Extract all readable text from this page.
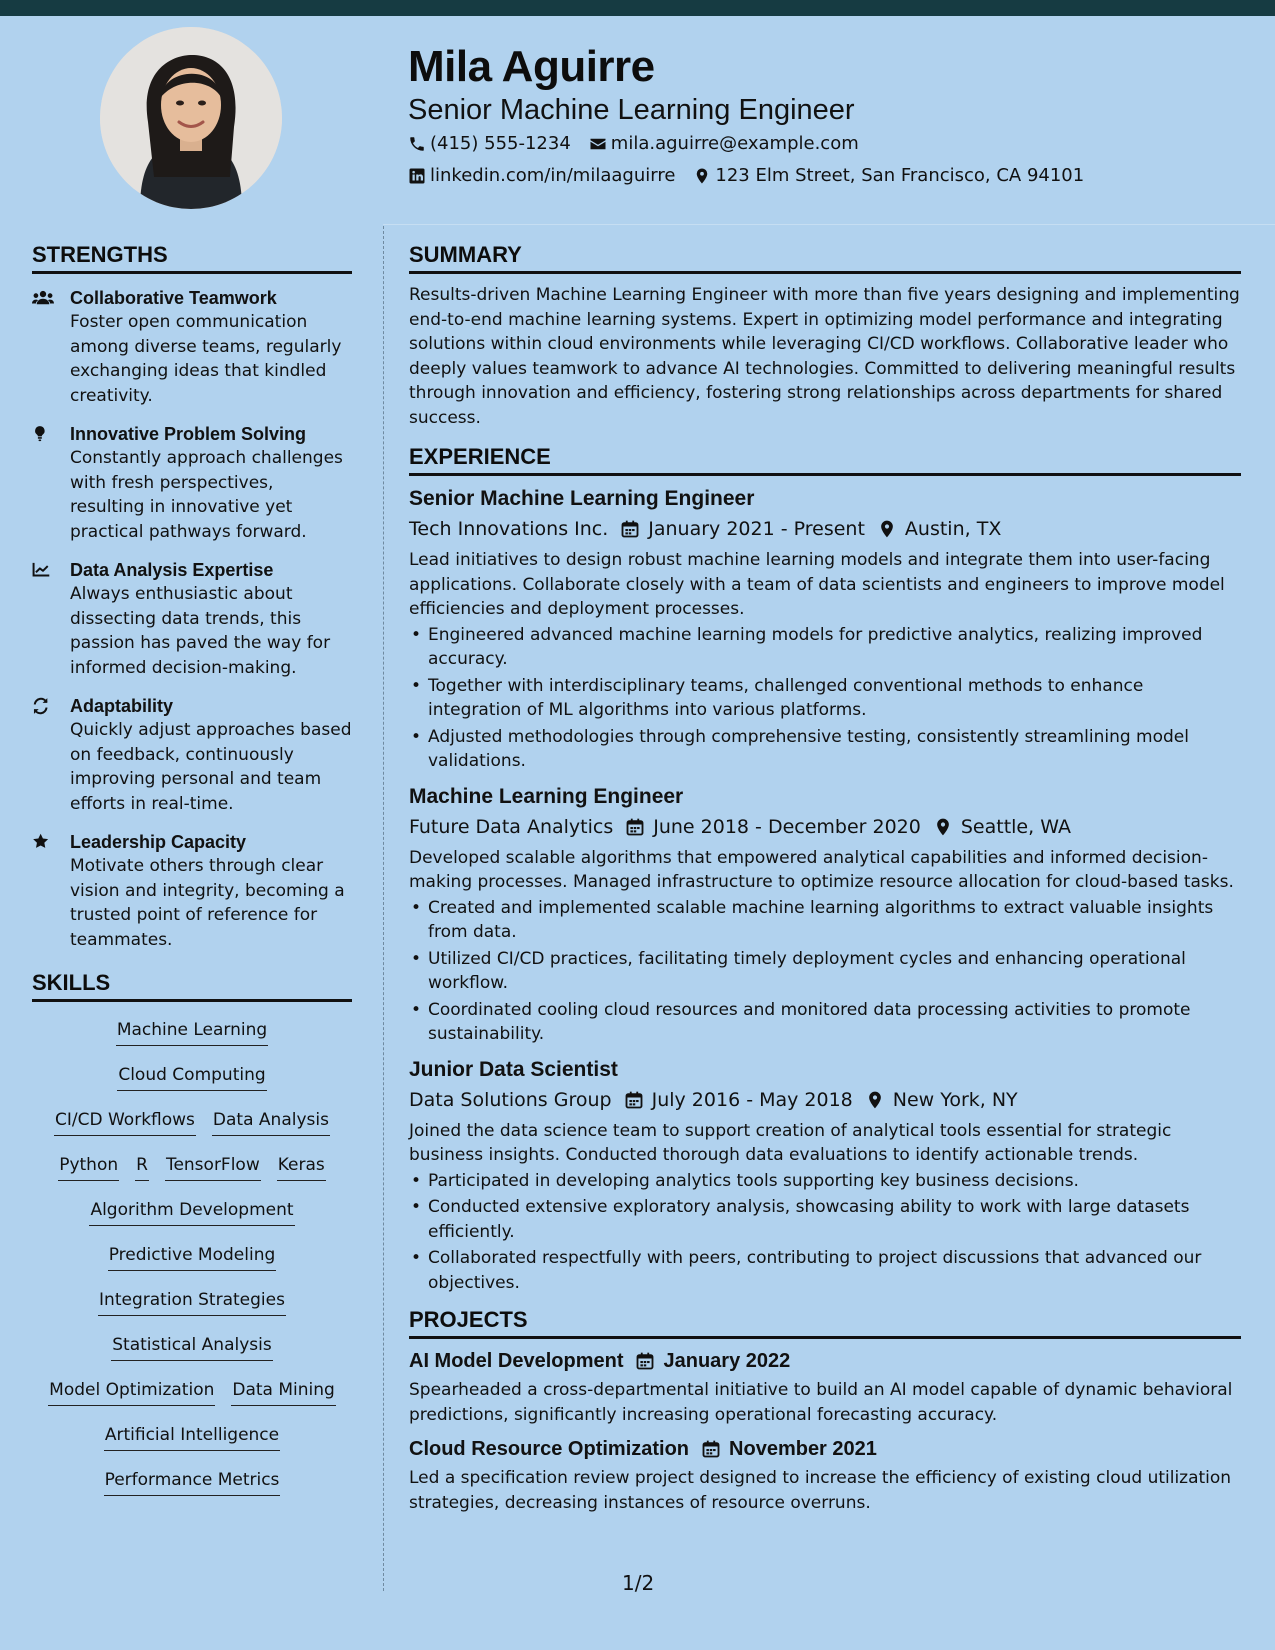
Mila Aguirre
Senior Machine Learning Engineer
(415) 555-1234 mila.aguirre@example.com
linkedin.com/in/milaaguirre 123 Elm Street, San Francisco, CA 94101
STRENGTHS
Collaborative Teamwork
Foster open communication among diverse teams, regularly exchanging ideas that kindled creativity.
Innovative Problem Solving
Constantly approach challenges with fresh perspectives, resulting in innovative yet practical pathways forward.
Data Analysis Expertise
Always enthusiastic about dissecting data trends, this passion has paved the way for informed decision-making.
Adaptability
Quickly adjust approaches based on feedback, continuously improving personal and team efforts in real-time.
Leadership Capacity
Motivate others through clear vision and integrity, becoming a trusted point of reference for teammates.
SKILLS
Machine Learning
Cloud Computing
CI/CD Workflows Data Analysis
Python R TensorFlow Keras
Algorithm Development
Predictive Modeling
Integration Strategies
Statistical Analysis
Model Optimization Data Mining
Artificial Intelligence
Performance Metrics
SUMMARY
Results-driven Machine Learning Engineer with more than five years designing and implementing end-to-end machine learning systems. Expert in optimizing model performance and integrating solutions within cloud environments while leveraging CI/CD workflows. Collaborative leader who deeply values teamwork to advance AI technologies. Committed to delivering meaningful results through innovation and efficiency, fostering strong relationships across departments for shared success.
EXPERIENCE
Senior Machine Learning Engineer
Tech Innovations Inc. January 2021 - Present Austin, TX
Lead initiatives to design robust machine learning models and integrate them into user-facing applications. Collaborate closely with a team of data scientists and engineers to improve model efficiencies and deployment processes.
• Engineered advanced machine learning models for predictive analytics, realizing improved accuracy.
• Together with interdisciplinary teams, challenged conventional methods to enhance integration of ML algorithms into various platforms.
• Adjusted methodologies through comprehensive testing, consistently streamlining model validations.
Machine Learning Engineer
Future Data Analytics June 2018 - December 2020 Seattle, WA
Developed scalable algorithms that empowered analytical capabilities and informed decision-making processes. Managed infrastructure to optimize resource allocation for cloud-based tasks.
• Created and implemented scalable machine learning algorithms to extract valuable insights from data.
• Utilized CI/CD practices, facilitating timely deployment cycles and enhancing operational workflow.
• Coordinated cooling cloud resources and monitored data processing activities to promote sustainability.
Junior Data Scientist
Data Solutions Group July 2016 - May 2018 New York, NY
Joined the data science team to support creation of analytical tools essential for strategic business insights. Conducted thorough data evaluations to identify actionable trends.
• Participated in developing analytics tools supporting key business decisions.
• Conducted extensive exploratory analysis, showcasing ability to work with large datasets efficiently.
• Collaborated respectfully with peers, contributing to project discussions that advanced our objectives.
PROJECTS
AI Model Development January 2022
Spearheaded a cross-departmental initiative to build an AI model capable of dynamic behavioral predictions, significantly increasing operational forecasting accuracy.
Cloud Resource Optimization November 2021
Led a specification review project designed to increase the efficiency of existing cloud utilization strategies, decreasing instances of resource overruns.
1/2
